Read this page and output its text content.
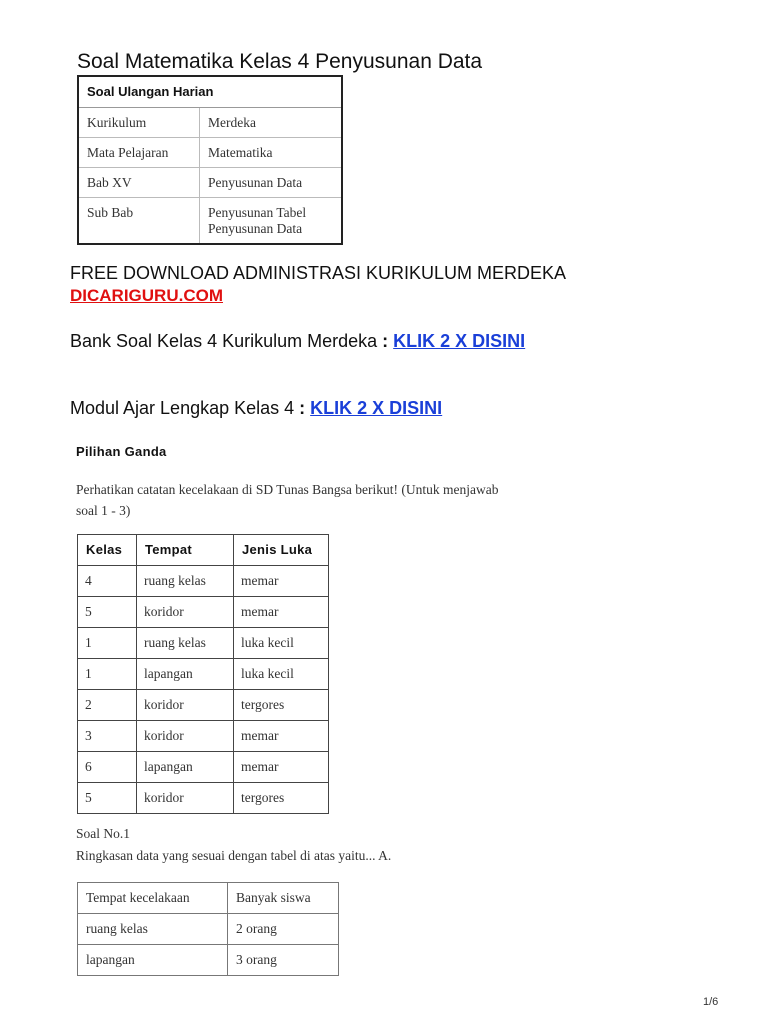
Soal Matematika Kelas 4 Penyusunan Data
Soal Ulangan Harian	
Kurikulum	Merdeka
Mata Pelajaran	Matematika
Bab XV	Penyusunan Data
Sub Bab	Penyusunan Tabel Penyusunan Data
FREE DOWNLOAD ADMINISTRASI KURIKULUM MERDEKA
DICARIGURU.COM
Bank Soal Kelas 4 Kurikulum Merdeka : KLIK 2 X DISINI
Modul Ajar Lengkap Kelas 4 : KLIK 2 X DISINI
Pilihan Ganda
Perhatikan catatan kecelakaan di SD Tunas Bangsa berikut! (Untuk menjawab soal 1 - 3)
Kelas	Tempat	Jenis Luka
4	ruang kelas	memar
5	koridor	memar
1	ruang kelas	luka kecil
1	lapangan	luka kecil
2	koridor	tergores
3	koridor	memar
6	lapangan	memar
5	koridor	tergores
Soal No.1
Ringkasan data yang sesuai dengan tabel di atas yaitu... A.
Tempat kecelakaan	Banyak siswa
ruang kelas	2 orang
lapangan	3 orang
1/6
